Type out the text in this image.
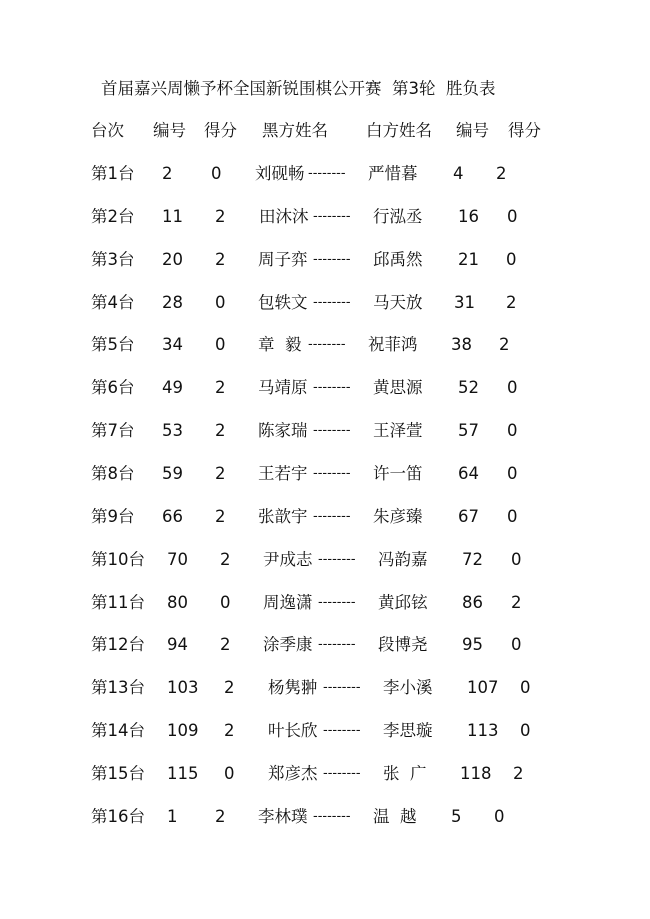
首届嘉兴周懒予杯全国新锐围棋公开赛  第3轮  胜负表
台次 编号 得分 黑方姓名 白方姓名 编号 得分
第1台 2 0 刘砚畅 -------- 严惜暮 4 2
第2台 11 2 田沐沐 -------- 行泓丞 16 0
第3台 20 2 周子弈 -------- 邱禹然 21 0
第4台 28 0 包轶文 -------- 马天放 31 2
第5台 34 0 章  毅 -------- 祝菲鸿 38 2
第6台 49 2 马靖原 -------- 黄思源 52 0
第7台 53 2 陈家瑞 -------- 王泽萱 57 0
第8台 59 2 王若宇 -------- 许一笛 64 0
第9台 66 2 张歆宇 -------- 朱彦臻 67 0
第10台 70 2 尹成志 -------- 冯韵嘉 72 0
第11台 80 0 周逸潇 -------- 黄邱铉 86 2
第12台 94 2 涂季康 -------- 段博尧 95 0
第13台 103 2 杨隽翀 -------- 李小溪 107 0
第14台 109 2 叶长欣 -------- 李思璇 113 0
第15台 115 0 郑彦杰 -------- 张  广 118 2
第16台 1 2 李林璞 -------- 温  越 5 0
